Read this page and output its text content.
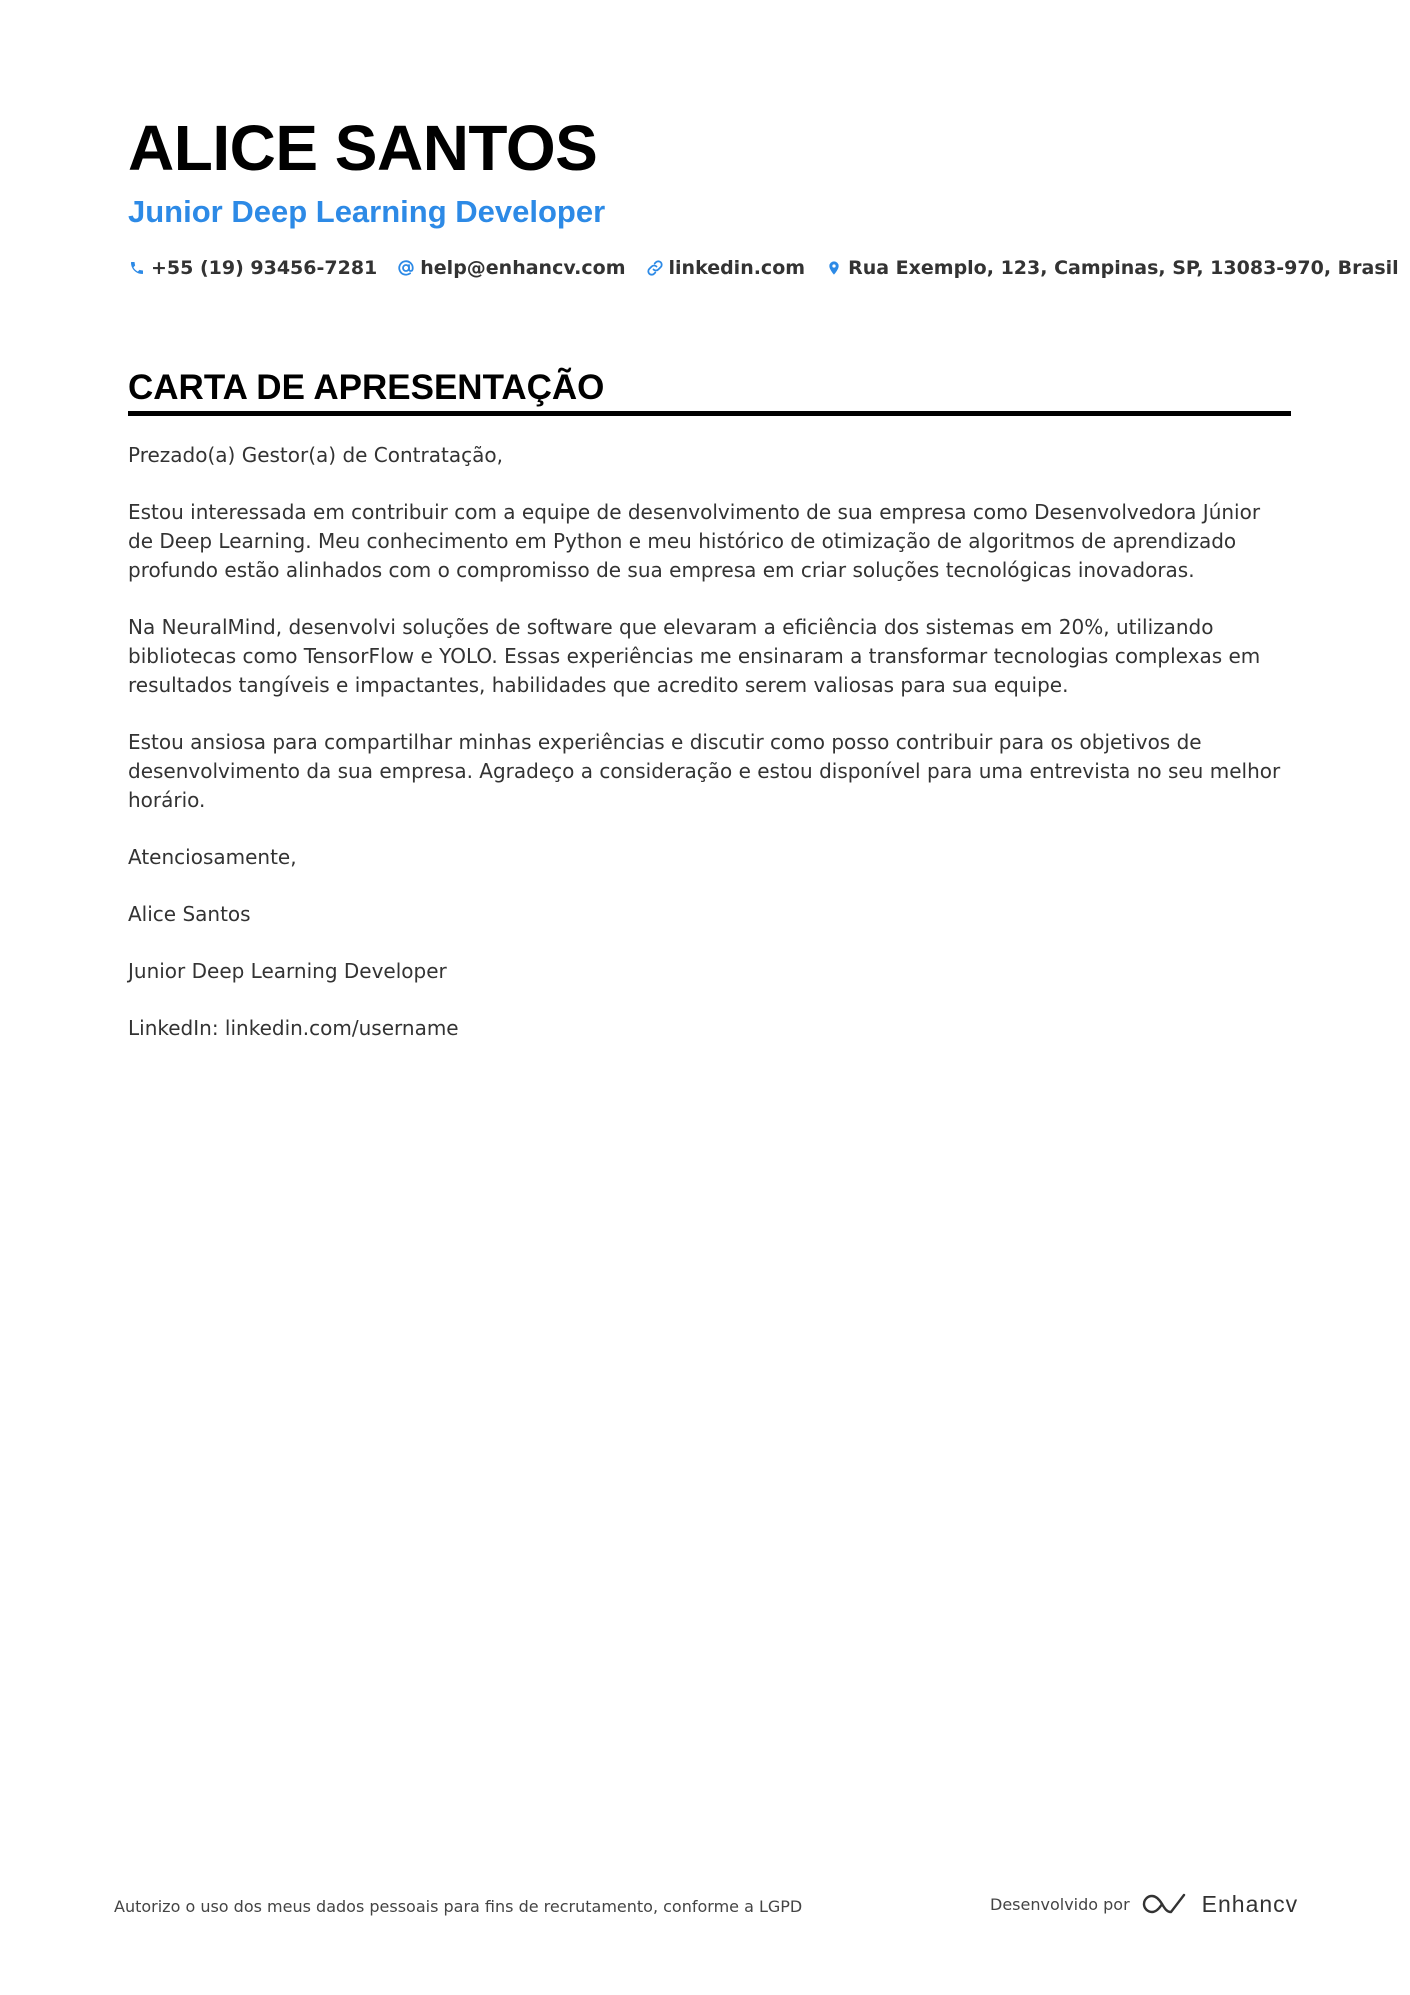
ALICE SANTOS
Junior Deep Learning Developer
+55 (19) 93456-7281 help@enhancv.com linkedin.com Rua Exemplo, 123, Campinas, SP, 13083-970, Brasil
CARTA DE APRESENTAÇÃO

Prezado(a) Gestor(a) de Contratação,

Estou interessada em contribuir com a equipe de desenvolvimento de sua empresa como Desenvolvedora Júnior de Deep Learning. Meu conhecimento em Python e meu histórico de otimização de algoritmos de aprendizado profundo estão alinhados com o compromisso de sua empresa em criar soluções tecnológicas inovadoras.

Na NeuralMind, desenvolvi soluções de software que elevaram a eficiência dos sistemas em 20%, utilizando bibliotecas como TensorFlow e YOLO. Essas experiências me ensinaram a transformar tecnologias complexas em resultados tangíveis e impactantes, habilidades que acredito serem valiosas para sua equipe.

Estou ansiosa para compartilhar minhas experiências e discutir como posso contribuir para os objetivos de desenvolvimento da sua empresa. Agradeço a consideração e estou disponível para uma entrevista no seu melhor horário.

Atenciosamente,

Alice Santos

Junior Deep Learning Developer

LinkedIn: linkedin.com/username

Autorizo o uso dos meus dados pessoais para fins de recrutamento, conforme a LGPD	Desenvolvido por	Enhancv
